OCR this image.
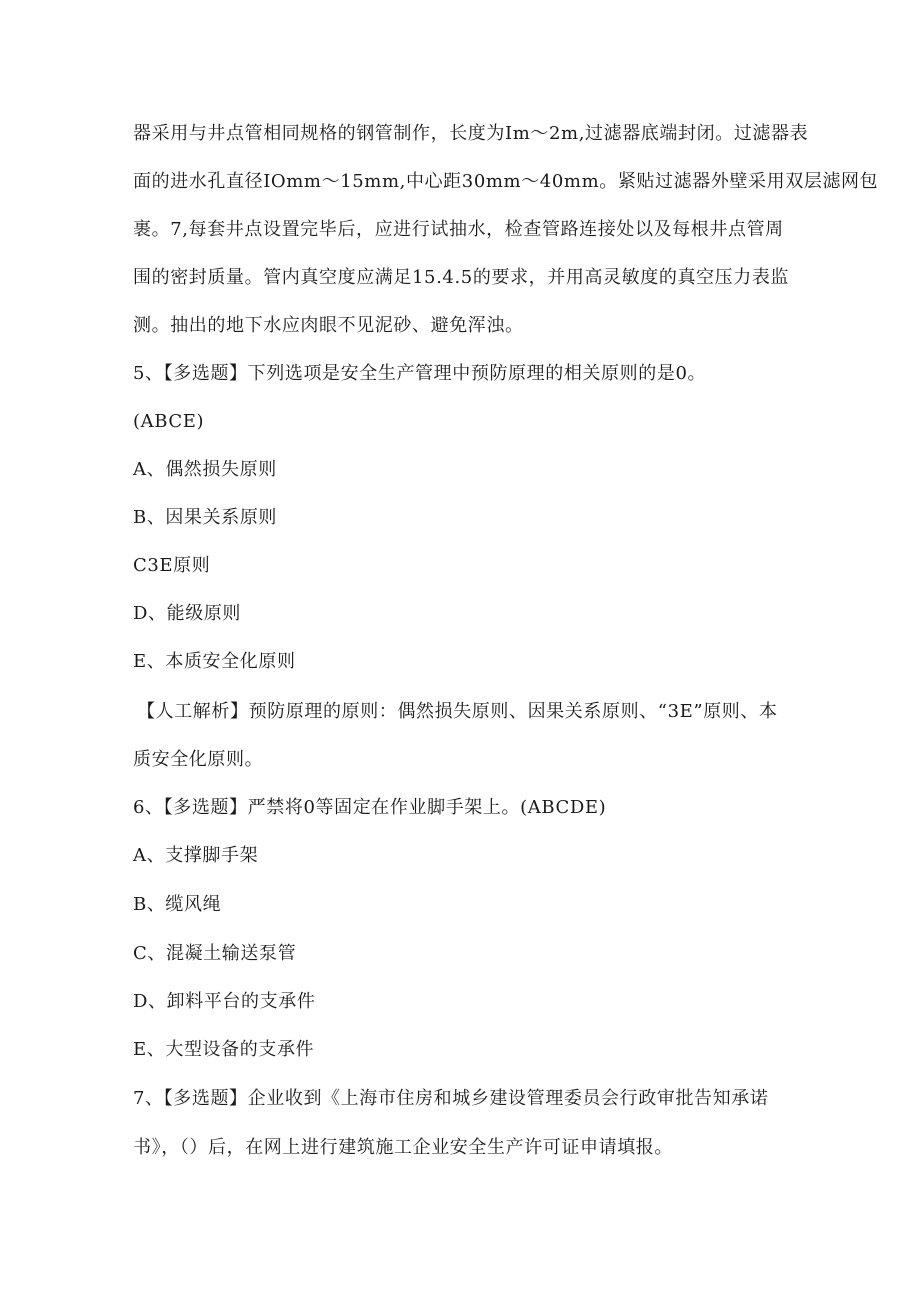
器采用与井点管相同规格的钢管制作，长度为Im～2m,过滤器底端封闭。过滤器表
面的进水孔直径IOmm～15mm,中心距30mm～40mm。紧贴过滤器外壁采用双层滤网包
裹。7,每套井点设置完毕后，应进行试抽水，检查管路连接处以及每根井点管周
围的密封质量。管内真空度应满足15.4.5的要求，并用高灵敏度的真空压力表监
测。抽出的地下水应肉眼不见泥砂、避免浑浊。
5、【多选题】下列选项是安全生产管理中预防原理的相关原则的是0。
(ABCE)
A、偶然损失原则
B、因果关系原则
C3E原则
D、能级原则
E、本质安全化原则
【人工解析】预防原理的原则：偶然损失原则、因果关系原则、“3E”原则、本
质安全化原则。
6、【多选题】严禁将0等固定在作业脚手架上。(ABCDE)
A、支撑脚手架
B、缆风绳
C、混凝土输送泵管
D、卸料平台的支承件
E、大型设备的支承件
7、【多选题】企业收到《上海市住房和城乡建设管理委员会行政审批告知承诺
书》，（）后，在网上进行建筑施工企业安全生产许可证申请填报。
